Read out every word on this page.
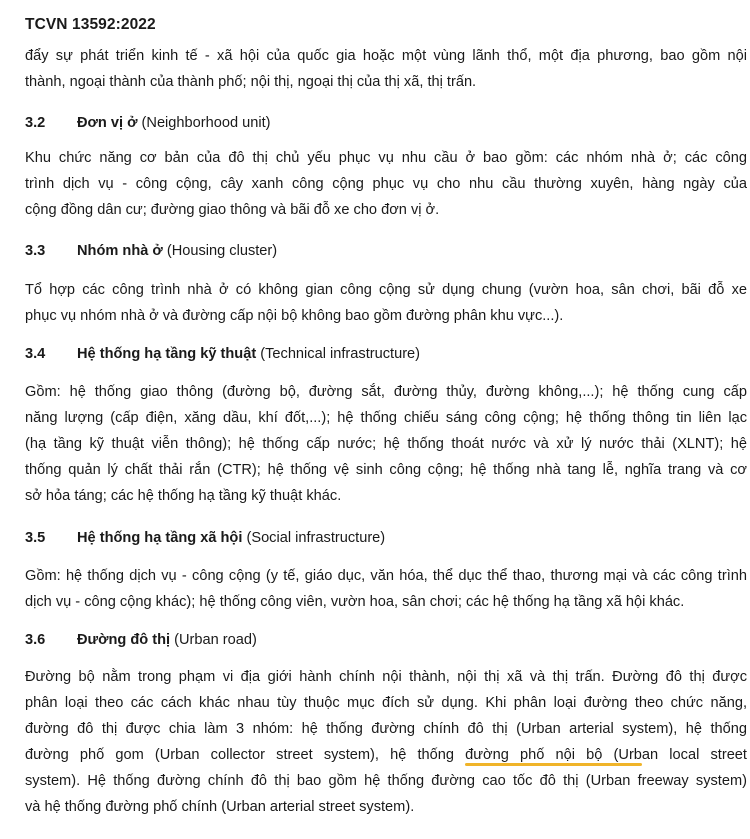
TCVN 13592:2022
đẩy sự phát triển kinh tế - xã hội của quốc gia hoặc một vùng lãnh thổ, một địa phương, bao gồm nội
thành, ngoại thành của thành phố; nội thị, ngoại thị của thị xã, thị trấn.
3.2 Đơn vị ở (Neighborhood unit)
Khu chức năng cơ bản của đô thị chủ yếu phục vụ nhu cầu ở bao gồm: các nhóm nhà ở; các công
trình dịch vụ - công cộng, cây xanh công cộng phục vụ cho nhu cầu thường xuyên, hàng ngày của
cộng đồng dân cư; đường giao thông và bãi đỗ xe cho đơn vị ở.
3.3 Nhóm nhà ở (Housing cluster)
Tổ hợp các công trình nhà ở có không gian công cộng sử dụng chung (vườn hoa, sân chơi, bãi đỗ xe
phục vụ nhóm nhà ở và đường cấp nội bộ không bao gồm đường phân khu vực...).
3.4 Hệ thống hạ tầng kỹ thuật (Technical infrastructure)
Gồm: hệ thống giao thông (đường bộ, đường sắt, đường thủy, đường không,...); hệ thống cung cấp
năng lượng (cấp điện, xăng dầu, khí đốt,...); hệ thống chiếu sáng công cộng; hệ thống thông tin liên lạc
(hạ tầng kỹ thuật viễn thông); hệ thống cấp nước; hệ thống thoát nước và xử lý nước thải (XLNT); hệ
thống quản lý chất thải rắn (CTR); hệ thống vệ sinh công cộng; hệ thống nhà tang lễ, nghĩa trang và cơ
sở hỏa táng; các hệ thống hạ tầng kỹ thuật khác.
3.5 Hệ thống hạ tầng xã hội (Social infrastructure)
Gồm: hệ thống dịch vụ - công cộng (y tế, giáo dục, văn hóa, thể dục thể thao, thương mại và các công trình
dịch vụ - công cộng khác); hệ thống công viên, vườn hoa, sân chơi; các hệ thống hạ tầng xã hội khác.
3.6 Đường đô thị (Urban road)
Đường bộ nằm trong phạm vi địa giới hành chính nội thành, nội thị xã và thị trấn. Đường đô thị được
phân loại theo các cách khác nhau tùy thuộc mục đích sử dụng. Khi phân loại đường theo chức năng,
đường đô thị được chia làm 3 nhóm: hệ thống đường chính đô thị (Urban arterial system), hệ thống
đường phố gom (Urban collector street system), hệ thống đường phố nội bộ (Urb
an local street
system). Hệ thống đường chính đô thị bao gồm hệ thống đường cao tốc đô thị (Urban freeway system)
và hệ thống đường phố chính (Urban arterial street system).
